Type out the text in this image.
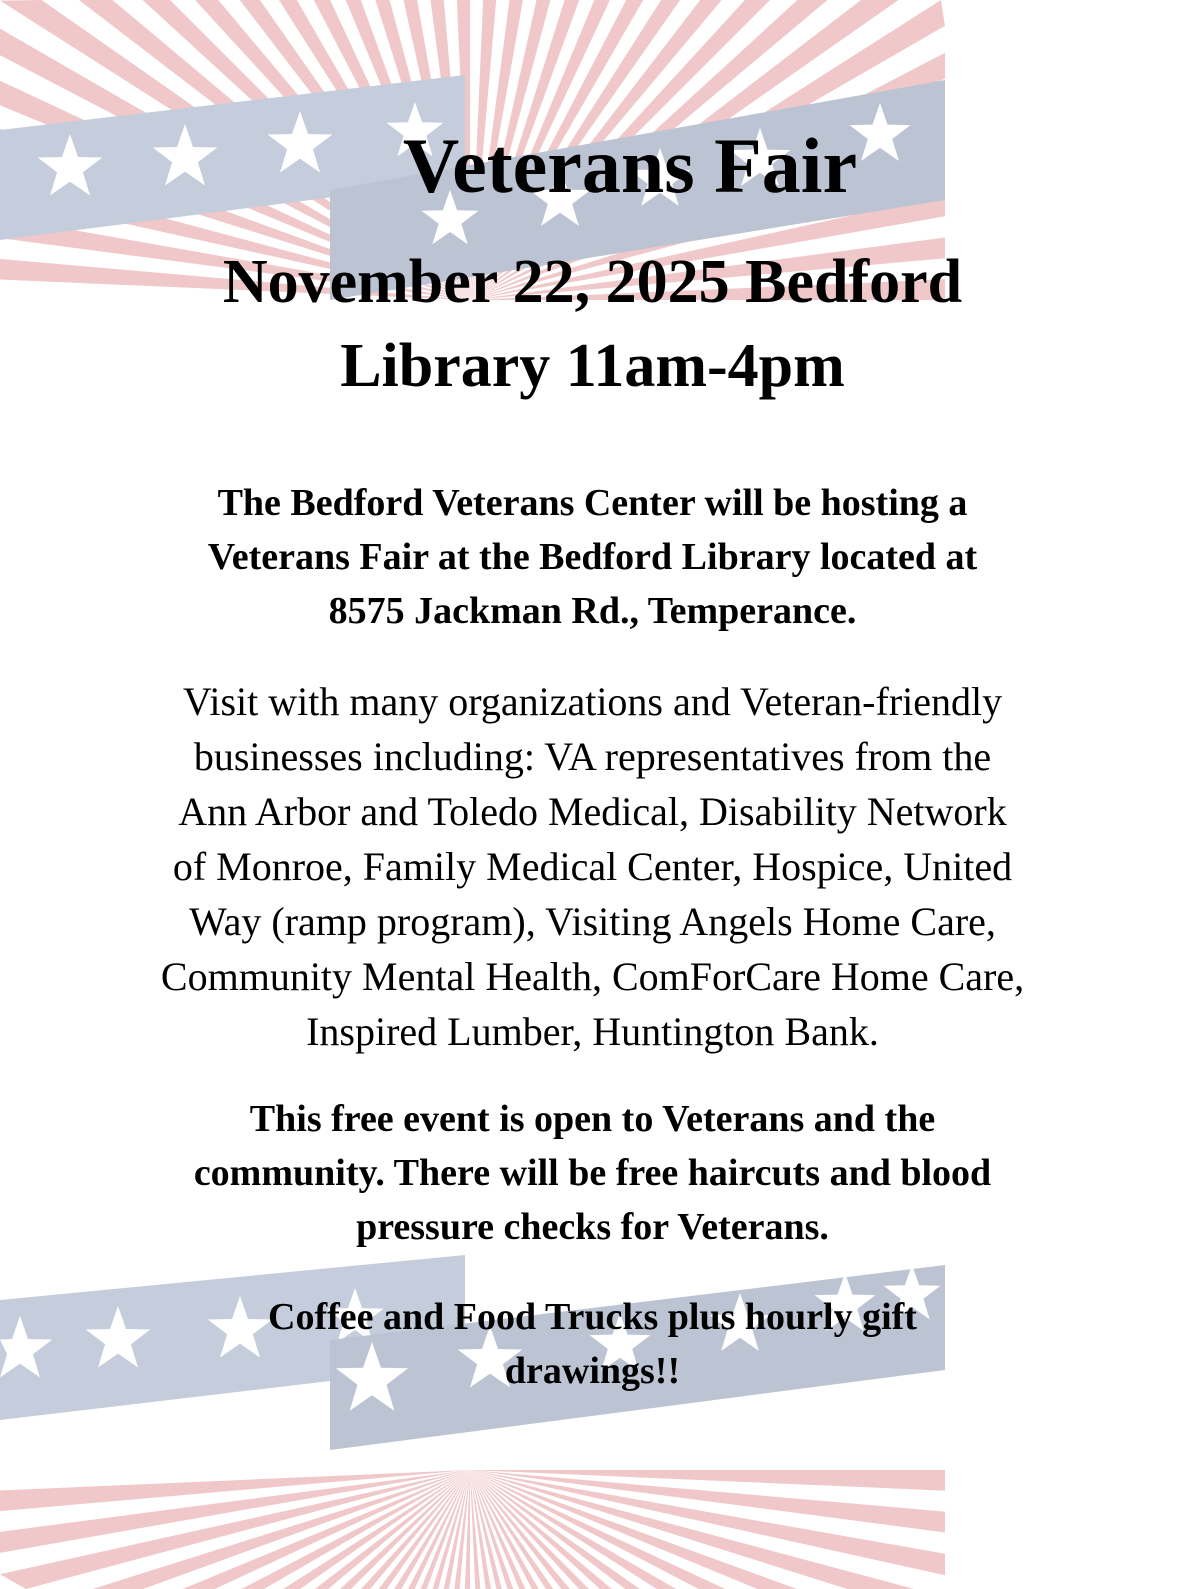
Veterans Fair
November 22, 2025 Bedford
Library 11am-4pm

The Bedford Veterans Center will be hosting a
Veterans Fair at the Bedford Library located at
8575 Jackman Rd., Temperance.

Visit with many organizations and Veteran-friendly
businesses including: VA representatives from the
Ann Arbor and Toledo Medical, Disability Network
of Monroe, Family Medical Center, Hospice, United
Way (ramp program), Visiting Angels Home Care,
Community Mental Health, ComForCare Home Care,
Inspired Lumber, Huntington Bank.

This free event is open to Veterans and the
community. There will be free haircuts and blood
pressure checks for Veterans.

Coffee and Food Trucks plus hourly gift
drawings!!
